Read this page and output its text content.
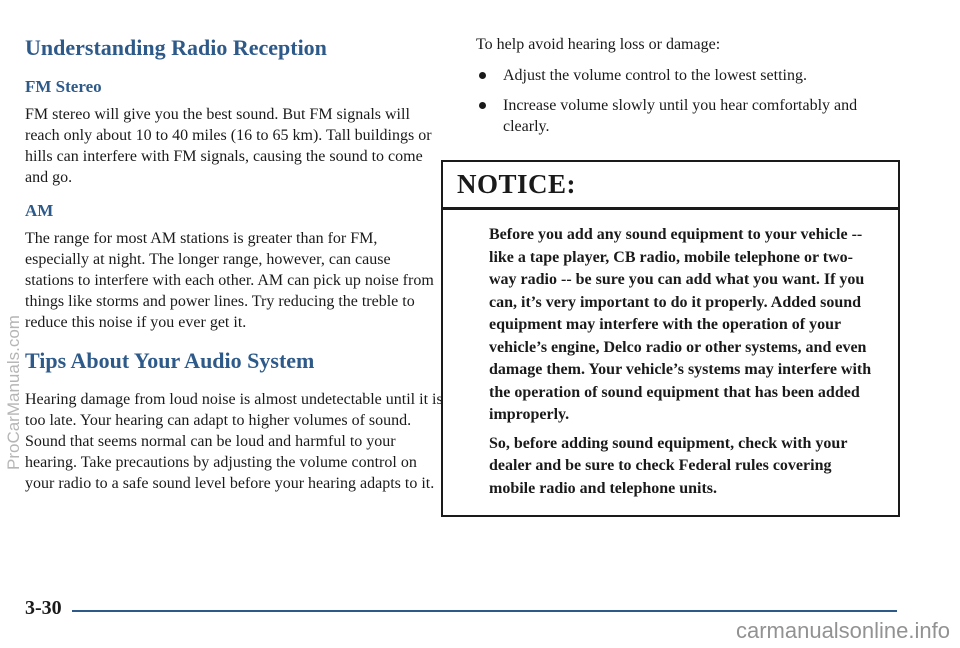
Understanding Radio Reception
FM Stereo

FM stereo will give you the best sound. But FM signals will reach only about 10 to 40 miles (16 to 65 km). Tall buildings or hills can interfere with FM signals, causing the sound to come and go.

AM

The range for most AM stations is greater than for FM, especially at night. The longer range, however, can cause stations to interfere with each other. AM can pick up noise from things like storms and power lines. Try reducing the treble to reduce this noise if you ever get it.

Tips About Your Audio System

Hearing damage from loud noise is almost undetectable until it is too late. Your hearing can adapt to higher volumes of sound. Sound that seems normal can be loud and harmful to your hearing. Take precautions by adjusting the volume control on your radio to a safe sound level before your hearing adapts to it.

To help avoid hearing loss or damage:

Adjust the volume control to the lowest setting.
Increase volume slowly until you hear comfortably and clearly.
NOTICE:

Before you add any sound equipment to your vehicle -- like a tape player, CB radio, mobile telephone or two-way radio -- be sure you can add what you want. If you can, it’s very important to do it properly. Added sound equipment may interfere with the operation of your vehicle’s engine, Delco radio or other systems, and even damage them. Your vehicle’s systems may interfere with the operation of sound equipment that has been added improperly.

So, before adding sound equipment, check with your dealer and be sure to check Federal rules covering mobile radio and telephone units.

3-30
ProCarManuals.com
carmanualsonline.info
